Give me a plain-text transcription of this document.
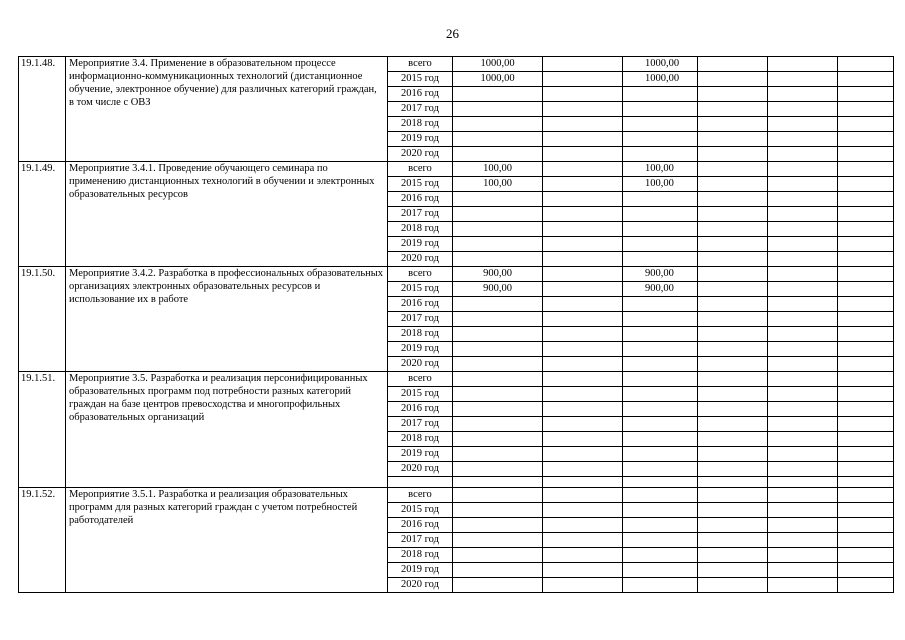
26
19.1.48.	Мероприятие 3.4. Применение в образовательном процессе информационно-коммуникационных технологий (дистанционное обучение, электронное обучение) для различных категорий граждан, в том числе с ОВЗ	всего	1000,00		1000,00			
		2015 год	1000,00		1000,00			
		2016 год						
		2017 год						
		2018 год						
		2019 год						
		2020 год						
19.1.49.	Мероприятие 3.4.1. Проведение обучающего семинара по применению дистанционных технологий в обучении и электронных образовательных ресурсов	всего	100,00		100,00			
		2015 год	100,00		100,00			
		2016 год						
		2017 год						
		2018 год						
		2019 год						
		2020 год						
19.1.50.	Мероприятие 3.4.2. Разработка в профессиональных образовательных организациях электронных образовательных ресурсов и использование их в работе	всего	900,00		900,00			
		2015 год	900,00		900,00			
		2016 год						
		2017 год						
		2018 год						
		2019 год						
		2020 год						
19.1.51.	Мероприятие 3.5. Разработка и реализация персонифицированных образовательных программ под потребности разных категорий граждан на базе центров превосходства и многопрофильных образовательных организаций	всего						
		2015 год						
		2016 год						
		2017 год						
		2018 год						
		2019 год						
		2020 год						

19.1.52.	Мероприятие 3.5.1. Разработка и реализация образовательных программ для разных категорий граждан с учетом потребностей работодателей	всего						
		2015 год						
		2016 год						
		2017 год						
		2018 год						
		2019 год						
		2020 год						
